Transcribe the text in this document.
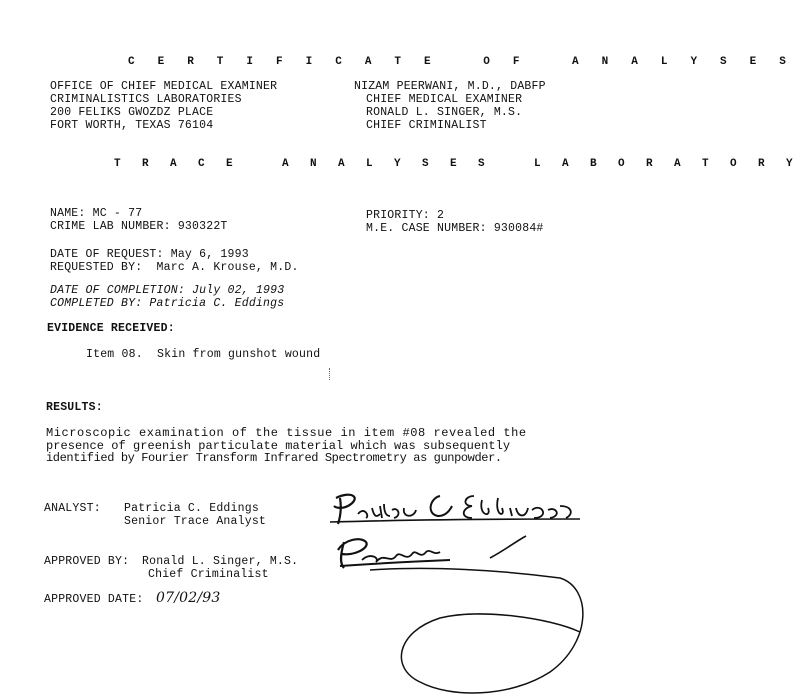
C E R T I F I C A T E   O F   A N A L Y S E S
OFFICE OF CHIEF MEDICAL EXAMINER
CRIMINALISTICS LABORATORIES
200 FELIKS GWOZDZ PLACE
FORT WORTH, TEXAS 76104
NIZAM PEERWANI, M.D., DABFP
CHIEF MEDICAL EXAMINER
RONALD L. SINGER, M.S.
CHIEF CRIMINALIST
T R A C E   A N A L Y S E S   L A B O R A T O R Y
NAME: MC - 77
CRIME LAB NUMBER: 930322T
PRIORITY: 2
M.E. CASE NUMBER: 930084#
DATE OF REQUEST: May 6, 1993
REQUESTED BY:  Marc A. Krouse, M.D.
DATE OF COMPLETION: July 02, 1993
COMPLETED BY: Patricia C. Eddings
EVIDENCE RECEIVED:
Item 08.  Skin from gunshot wound
RESULTS:
Microscopic examination of the tissue in item #08 revealed the
presence of greenish particulate material which was subsequently
identified by Fourier Transform Infrared Spectrometry as gunpowder.
ANALYST: Patricia C. Eddings
Senior Trace Analyst
APPROVED BY: Ronald L. Singer, M.S.
Chief Criminalist
APPROVED DATE: 07/02/93
